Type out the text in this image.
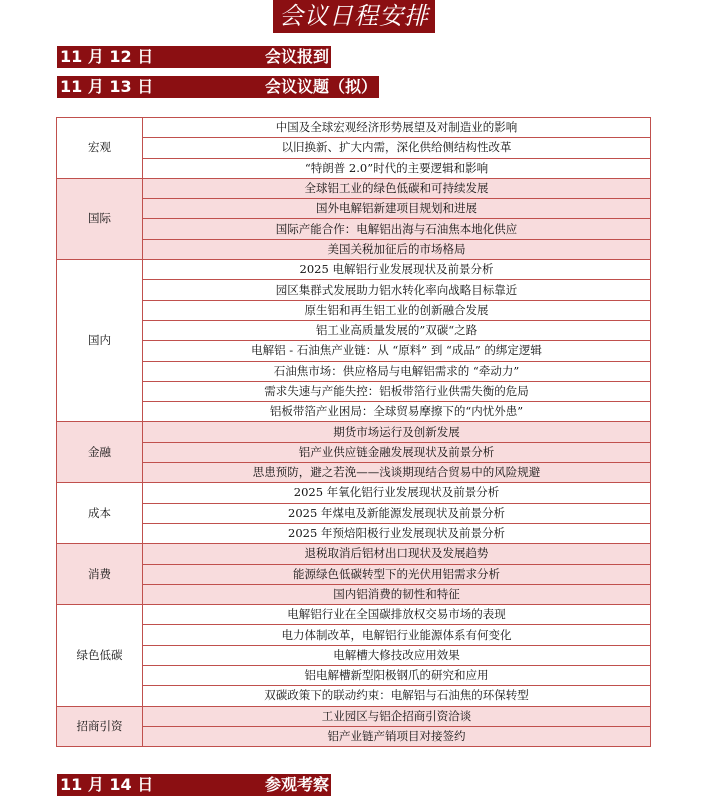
会议日程安排
11 月 12 日	会议报到
11 月 13 日	会议议题（拟）
宏观	中国及全球宏观经济形势展望及对制造业的影响
	以旧换新、扩大内需，深化供给侧结构性改革
	“特朗普 2.0”时代的主要逻辑和影响
国际	全球铝工业的绿色低碳和可持续发展
	国外电解铝新建项目规划和进展
	国际产能合作：电解铝出海与石油焦本地化供应
	美国关税加征后的市场格局
国内	2025 电解铝行业发展现状及前景分析
	园区集群式发展助力铝水转化率向战略目标靠近
	原生铝和再生铝工业的创新融合发展
	铝工业高质量发展的”双碳“之路
	电解铝 - 石油焦产业链：从 “原料” 到 “成品” 的绑定逻辑
	石油焦市场：供应格局与电解铝需求的 “牵动力”
	需求失速与产能失控：铝板带箔行业供需失衡的危局
	铝板带箔产业困局：全球贸易摩擦下的“内忧外患”
金融	期货市场运行及创新发展
	铝产业供应链金融发展现状及前景分析
	思患预防，避之若浼——浅谈期现结合贸易中的风险规避
成本	2025 年氧化铝行业发展现状及前景分析
	2025 年煤电及新能源发展现状及前景分析
	2025 年预焙阳极行业发展现状及前景分析
消费	退税取消后铝材出口现状及发展趋势
	能源绿色低碳转型下的光伏用铝需求分析
	国内铝消费的韧性和特征
绿色低碳	电解铝行业在全国碳排放权交易市场的表现
	电力体制改革，电解铝行业能源体系有何变化
	电解槽大修技改应用效果
	铝电解槽新型阳极钢爪的研究和应用
	双碳政策下的联动约束：电解铝与石油焦的环保转型
招商引资	工业园区与铝企招商引资洽谈
	铝产业链产销项目对接签约
11 月 14 日	参观考察
